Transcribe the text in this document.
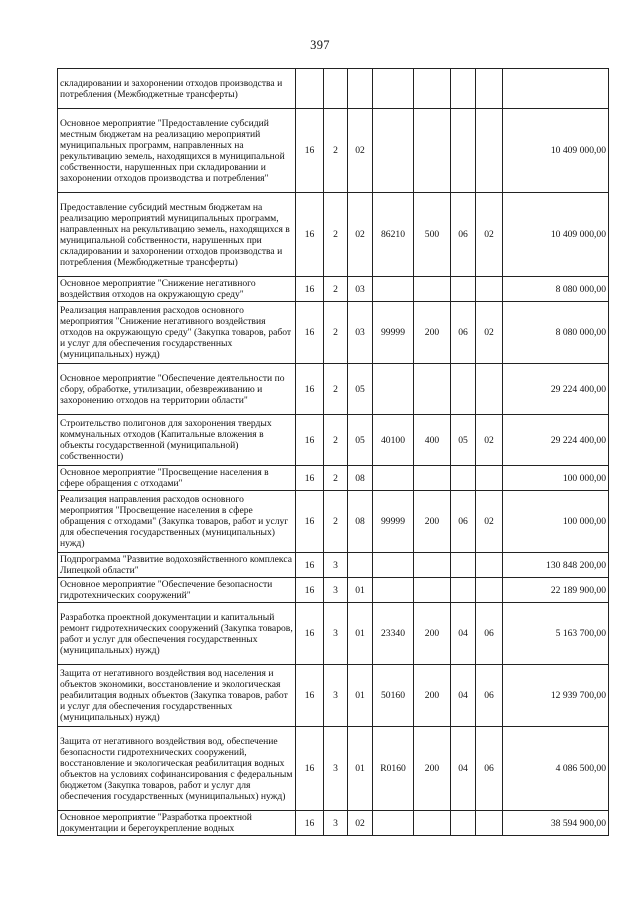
397
складировании и захоронении отходов производства и потребления (Межбюджетные трансферты)								
Основное мероприятие "Предоставление субсидий местным бюджетам на реализацию мероприятий муниципальных программ, направленных на рекультивацию земель, находящихся в муниципальной собственности, нарушенных при складировании и захоронении отходов производства и потребления"	16	2	02					10 409 000,00
Предоставление субсидий местным бюджетам на реализацию мероприятий муниципальных программ, направленных на рекультивацию земель, находящихся в муниципальной собственности, нарушенных при складировании и захоронении отходов производства и потребления (Межбюджетные трансферты)	16	2	02	86210	500	06	02	10 409 000,00
Основное мероприятие "Снижение негативного воздействия отходов на окружающую среду"	16	2	03					8 080 000,00
Реализация направления расходов основного мероприятия "Снижение негативного воздействия отходов на окружающую среду" (Закупка товаров, работ и услуг для обеспечения государственных (муниципальных) нужд)	16	2	03	99999	200	06	02	8 080 000,00
Основное мероприятие "Обеспечение деятельности по сбору, обработке, утилизации, обезвреживанию и захоронению отходов на территории области"	16	2	05					29 224 400,00
Строительство полигонов для захоронения твердых коммунальных отходов (Капитальные вложения в объекты государственной (муниципальной) собственности)	16	2	05	40100	400	05	02	29 224 400,00
Основное мероприятие "Просвещение населения в сфере обращения с отходами"	16	2	08					100 000,00
Реализация направления расходов основного мероприятия "Просвещение населения в сфере обращения с отходами" (Закупка товаров, работ и услуг для обеспечения государственных (муниципальных) нужд)	16	2	08	99999	200	06	02	100 000,00
Подпрограмма "Развитие водохозяйственного комплекса Липецкой области"	16	3						130 848 200,00
Основное мероприятие "Обеспечение безопасности гидротехнических сооружений"	16	3	01					22 189 900,00
Разработка проектной документации и капитальный ремонт гидротехнических сооружений (Закупка товаров, работ и услуг для обеспечения государственных (муниципальных) нужд)	16	3	01	23340	200	04	06	5 163 700,00
Защита от негативного воздействия вод населения и объектов экономики, восстановление и экологическая реабилитация водных объектов (Закупка товаров, работ и услуг для обеспечения государственных (муниципальных) нужд)	16	3	01	50160	200	04	06	12 939 700,00
Защита от негативного воздействия вод, обеспечение безопасности гидротехнических сооружений, восстановление и экологическая реабилитация водных объектов на условиях софинансирования с федеральным бюджетом (Закупка товаров, работ и услуг для обеспечения государственных (муниципальных) нужд)	16	3	01	R0160	200	04	06	4 086 500,00
Основное мероприятие "Разработка проектной документации и берегоукрепление водных	16	3	02					38 594 900,00
